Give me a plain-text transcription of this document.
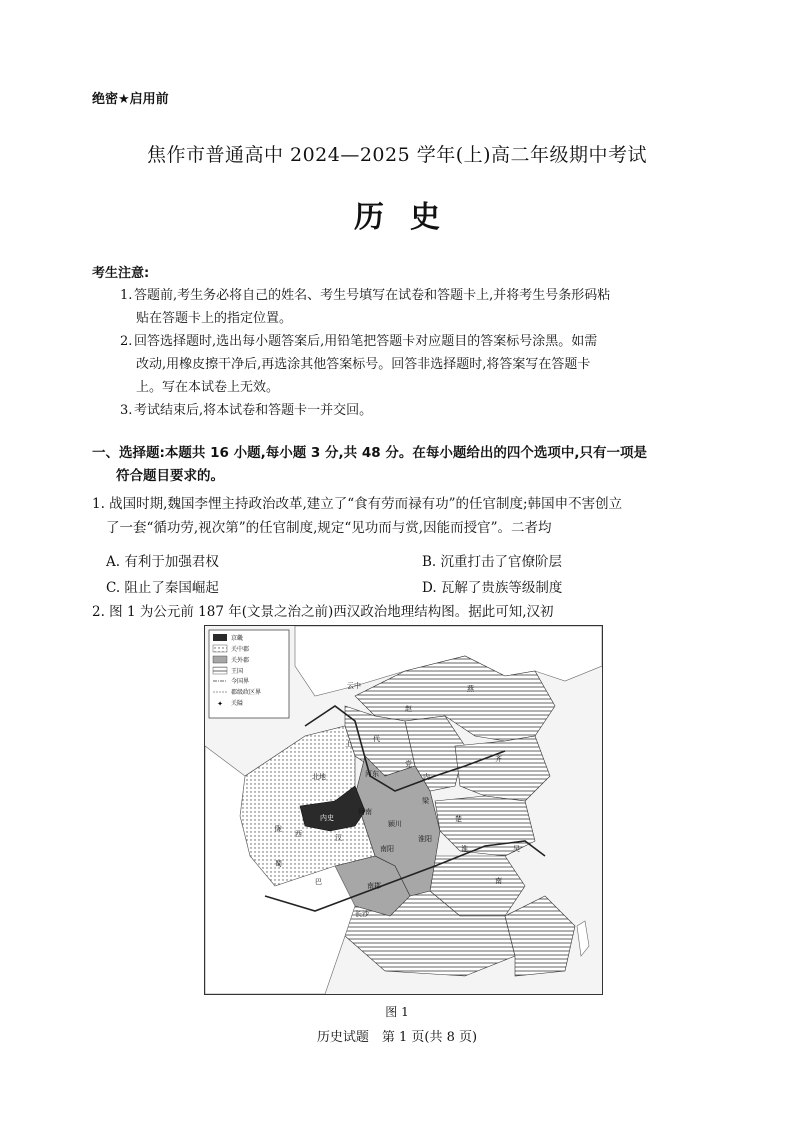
绝密★启用前
焦作市普通高中 2024—2025 学年(上)高二年级期中考试
历史
考生注意:
1. 答题前,考生务必将自己的姓名、考生号填写在试卷和答题卡上,并将考生号条形码粘
贴在答题卡上的指定位置。
2. 回答选择题时,选出每小题答案后,用铅笔把答题卡对应题目的答案标号涂黑。如需
改动,用橡皮擦干净后,再选涂其他答案标号。回答非选择题时,将答案写在答题卡
上。写在本试卷上无效。
3. 考试结束后,将本试卷和答题卡一并交回。
一、选择题:本题共 16 小题,每小题 3 分,共 48 分。在每小题给出的四个选项中,只有一项是
符合题目要求的。
1. 战国时期,魏国李悝主持政治改革,建立了“食有劳而禄有功”的任官制度;韩国申不害创立
了一套“循功劳,视次第”的任官制度,规定“见功而与赏,因能而授官”。二者均
A. 有利于加强君权	B. 沉重打击了官僚阶层
C. 阻止了秦国崛起	D. 瓦解了贵族等级制度
2. 图 1 为公元前 187 年(文景之治之前)西汉政治地理结构图。据此可知,汉初
✦
京畿
关中郡
关外郡
王国
今国界
郡级政区界
关隘
燕
云中
代
赵
齐
上
北地
陇
西
蜀
巴
汉
内史
河东
党
内
河南
梁
颍川
南阳
淮阳
楚
淮	吴
南郡
长沙
南
图 1
历史试题　第 1 页(共 8 页)
